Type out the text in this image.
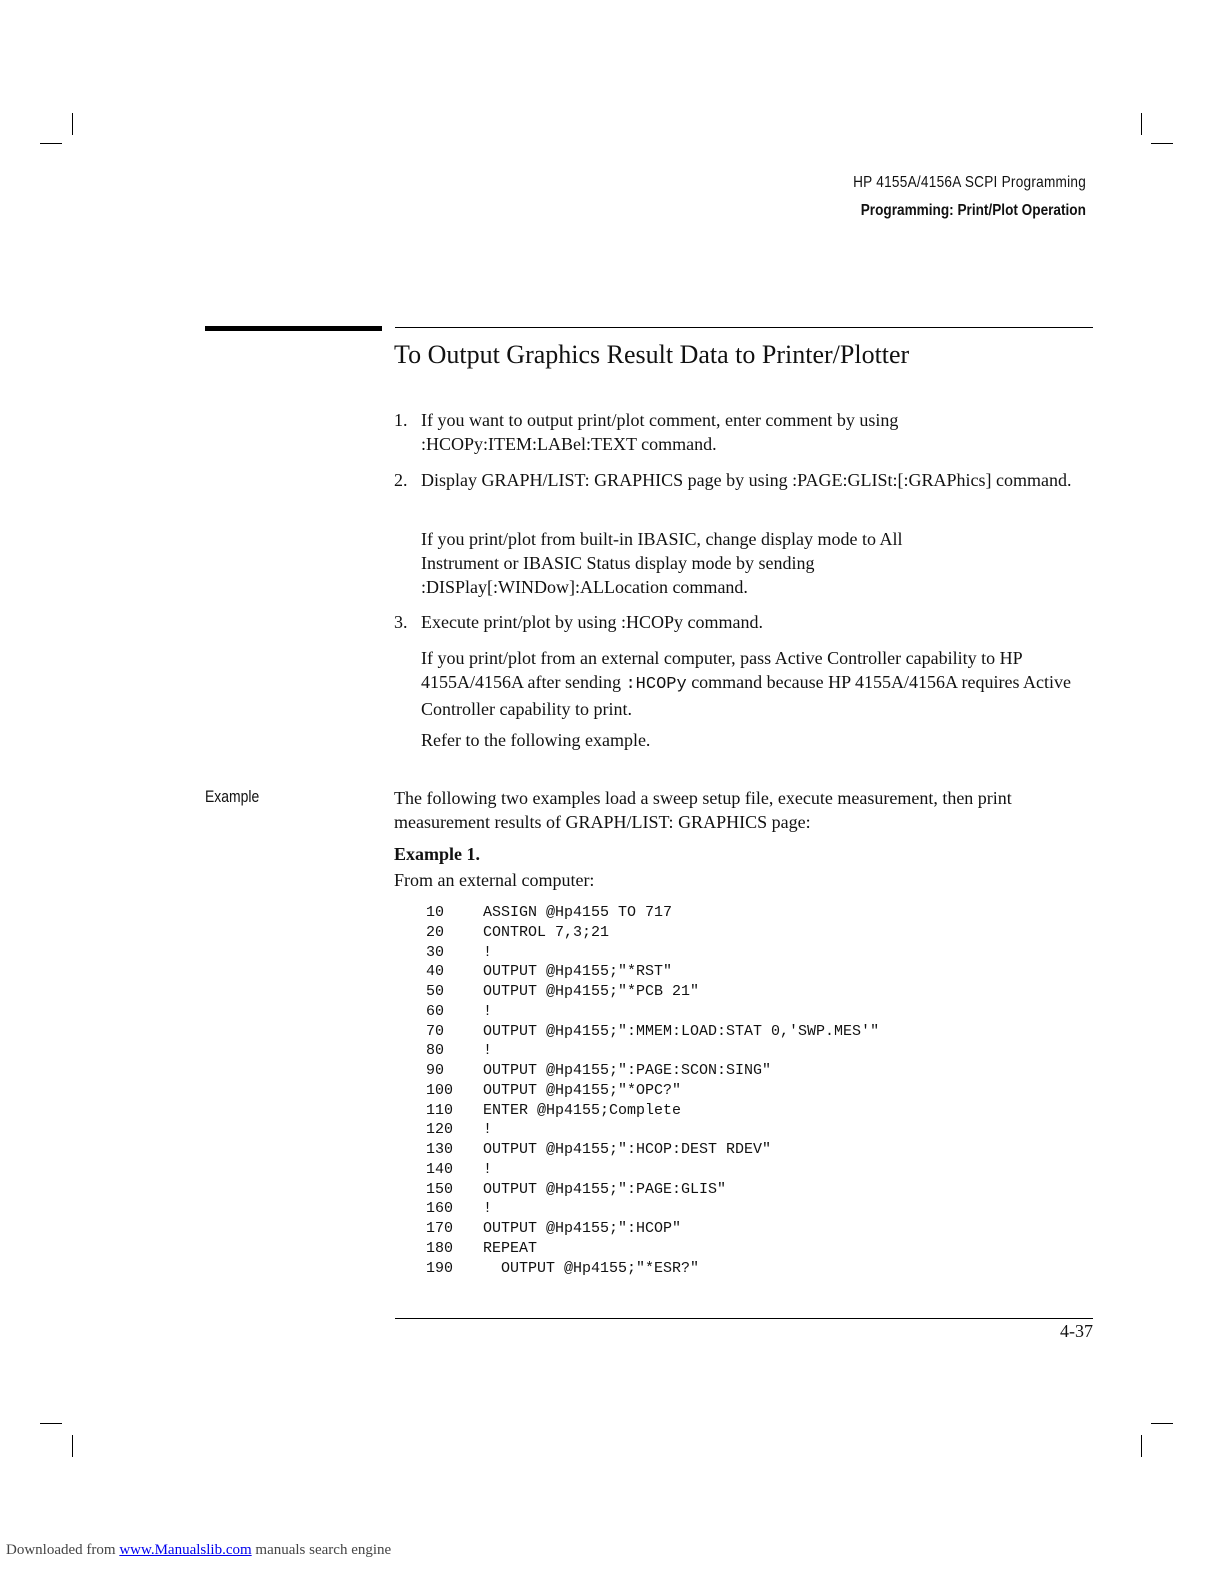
HP 4155A/4156A SCPI Programming
Programming: Print/Plot Operation
To Output Graphics Result Data to Printer/Plotter
1. If you want to output print/plot comment, enter comment by using :HCOPy:ITEM:LABel:TEXT command.
2. Display GRAPH/LIST: GRAPHICS page by using :PAGE:GLISt:[:GRAPhics] command.
If you print/plot from built-in IBASIC, change display mode to All Instrument or IBASIC Status display mode by sending :DISPlay[:WINDow]:ALLocation command.
3. Execute print/plot by using :HCOPy command.
If you print/plot from an external computer, pass Active Controller capability to HP 4155A/4156A after sending :HCOPy command because HP 4155A/4156A requires Active Controller capability to print.
Refer to the following example.
Example	The following two examples load a sweep setup file, execute measurement, then print measurement results of GRAPH/LIST: GRAPHICS page:
Example 1.
From an external computer:
10	ASSIGN @Hp4155 TO 717
20	CONTROL 7,3;21
30	!
40	OUTPUT @Hp4155;"*RST"
50	OUTPUT @Hp4155;"*PCB 21"
60	!
70	OUTPUT @Hp4155;":MMEM:LOAD:STAT 0,'SWP.MES'"
80	!
90	OUTPUT @Hp4155;":PAGE:SCON:SING"
100 OUTPUT @Hp4155;"*OPC?"
110 ENTER @Hp4155;Complete
120 !
130 OUTPUT @Hp4155;":HCOP:DEST RDEV"
140 !
150 OUTPUT @Hp4155;":PAGE:GLIS"
160 !
170 OUTPUT @Hp4155;":HCOP"
180 REPEAT
190  OUTPUT @Hp4155;"*ESR?"
4-37
Downloaded from www.Manualslib.com manuals search engine
